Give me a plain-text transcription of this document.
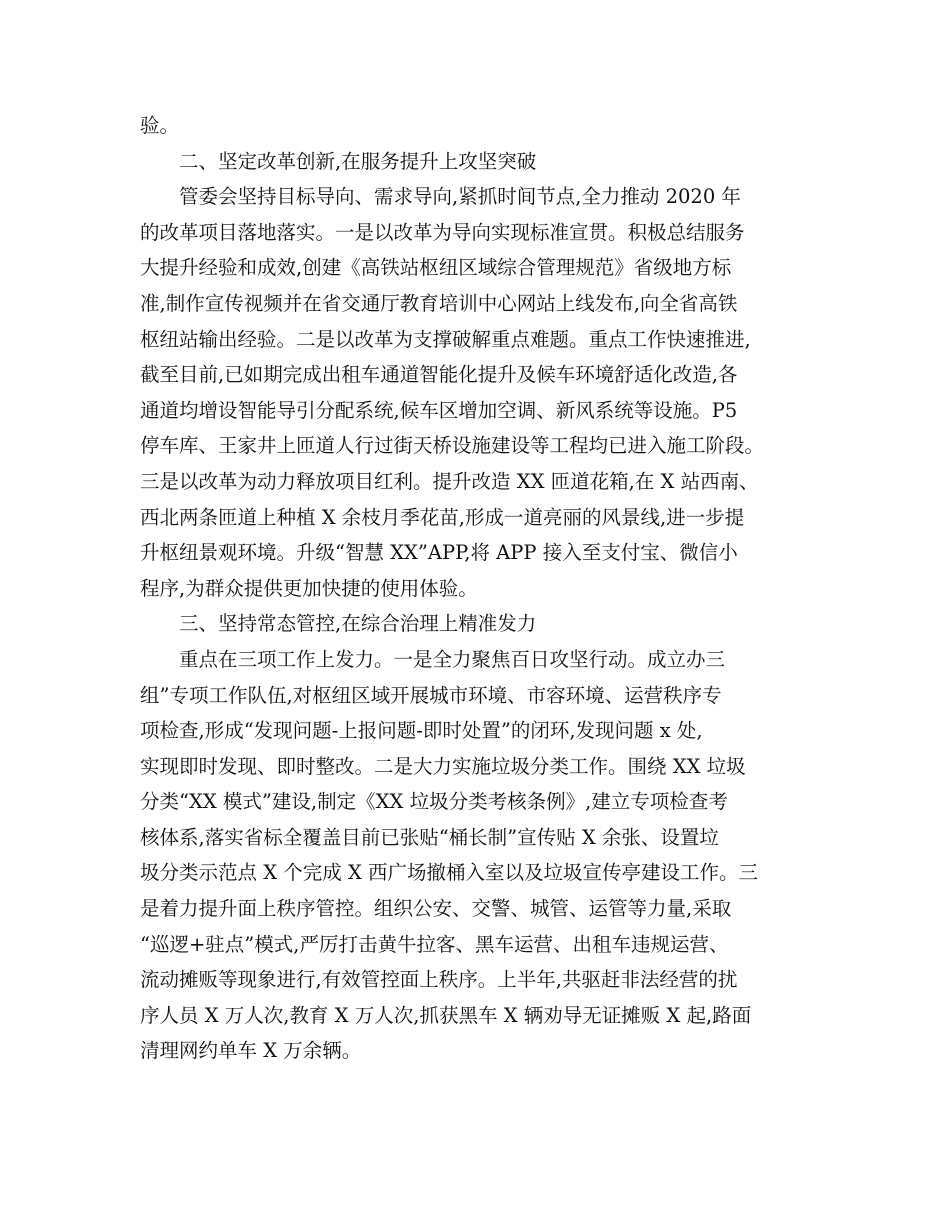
验。
二、坚定改革创新,在服务提升上攻坚突破
管委会坚持目标导向、需求导向,紧抓时间节点,全力推动 2020 年
的改革项目落地落实。一是以改革为导向实现标准宣贯。积极总结服务
大提升经验和成效,创建《高铁站枢纽区域综合管理规范》省级地方标
准,制作宣传视频并在省交通厅教育培训中心网站上线发布,向全省高铁
枢纽站输出经验。二是以改革为支撑破解重点难题。重点工作快速推进,
截至目前,已如期完成出租车通道智能化提升及候车环境舒适化改造,各
通道均增设智能导引分配系统,候车区增加空调、新风系统等设施。P5
停车库、王家井上匝道人行过街天桥设施建设等工程均已进入施工阶段。
三是以改革为动力释放项目红利。提升改造 XX 匝道花箱,在 X 站西南、
西北两条匝道上种植 X 余枝月季花苗,形成一道亮丽的风景线,进一步提
升枢纽景观环境。升级“智慧 XX”APP,将 APP 接入至支付宝、微信小
程序,为群众提供更加快捷的使用体验。
三、坚持常态管控,在综合治理上精准发力
重点在三项工作上发力。一是全力聚焦百日攻坚行动。成立办三
组”专项工作队伍,对枢纽区域开展城市环境、市容环境、运营秩序专
项检查,形成“发现问题-上报问题-即时处置”的闭环,发现问题 x 处,
实现即时发现、即时整改。二是大力实施垃圾分类工作。围绕 XX 垃圾
分类“XX 模式”建设,制定《XX 垃圾分类考核条例》,建立专项检查考
核体系,落实省标全覆盖目前已张贴“桶长制”宣传贴 X 余张、设置垃
圾分类示范点 X 个完成 X 西广场撤桶入室以及垃圾宣传亭建设工作。三
是着力提升面上秩序管控。组织公安、交警、城管、运管等力量,采取
“巡逻+驻点”模式,严厉打击黄牛拉客、黑车运营、出租车违规运营、
流动摊贩等现象进行,有效管控面上秩序。上半年,共驱赶非法经营的扰
序人员 X 万人次,教育 X 万人次,抓获黑车 X 辆劝导无证摊贩 X 起,路面
清理网约单车 X 万余辆。
